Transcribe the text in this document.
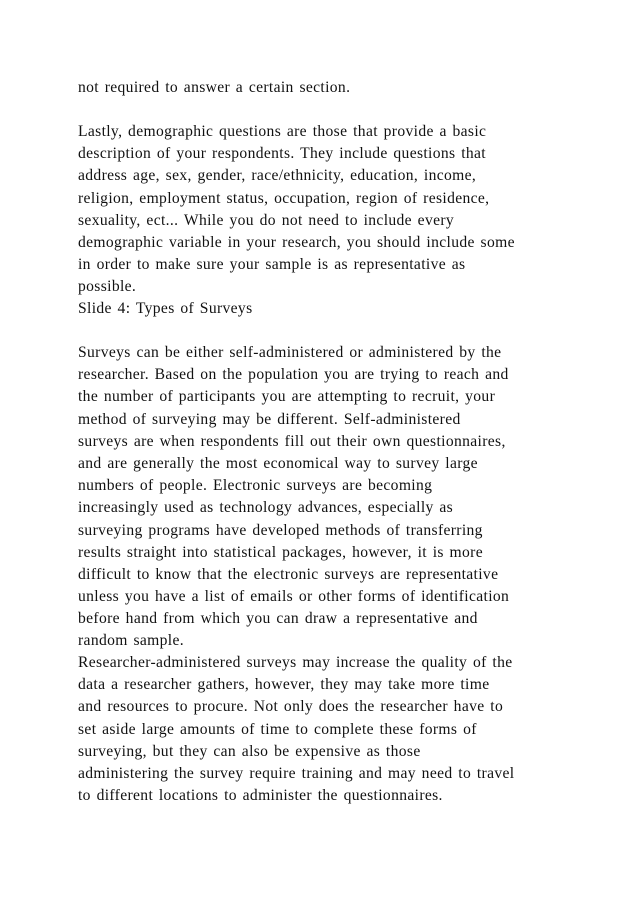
not required to answer a certain section.
Lastly, demographic questions are those that provide a basic
description of your respondents. They include questions that
address age, sex, gender, race/ethnicity, education, income,
religion, employment status, occupation, region of residence,
sexuality, ect... While you do not need to include every
demographic variable in your research, you should include some
in order to make sure your sample is as representative as
possible.
Slide 4: Types of Surveys
Surveys can be either self-administered or administered by the
researcher. Based on the population you are trying to reach and
the number of participants you are attempting to recruit, your
method of surveying may be different. Self-administered
surveys are when respondents fill out their own questionnaires,
and are generally the most economical way to survey large
numbers of people. Electronic surveys are becoming
increasingly used as technology advances, especially as
surveying programs have developed methods of transferring
results straight into statistical packages, however, it is more
difficult to know that the electronic surveys are representative
unless you have a list of emails or other forms of identification
before hand from which you can draw a representative and
random sample.
Researcher-administered surveys may increase the quality of the
data a researcher gathers, however, they may take more time
and resources to procure. Not only does the researcher have to
set aside large amounts of time to complete these forms of
surveying, but they can also be expensive as those
administering the survey require training and may need to travel
to different locations to administer the questionnaires.
